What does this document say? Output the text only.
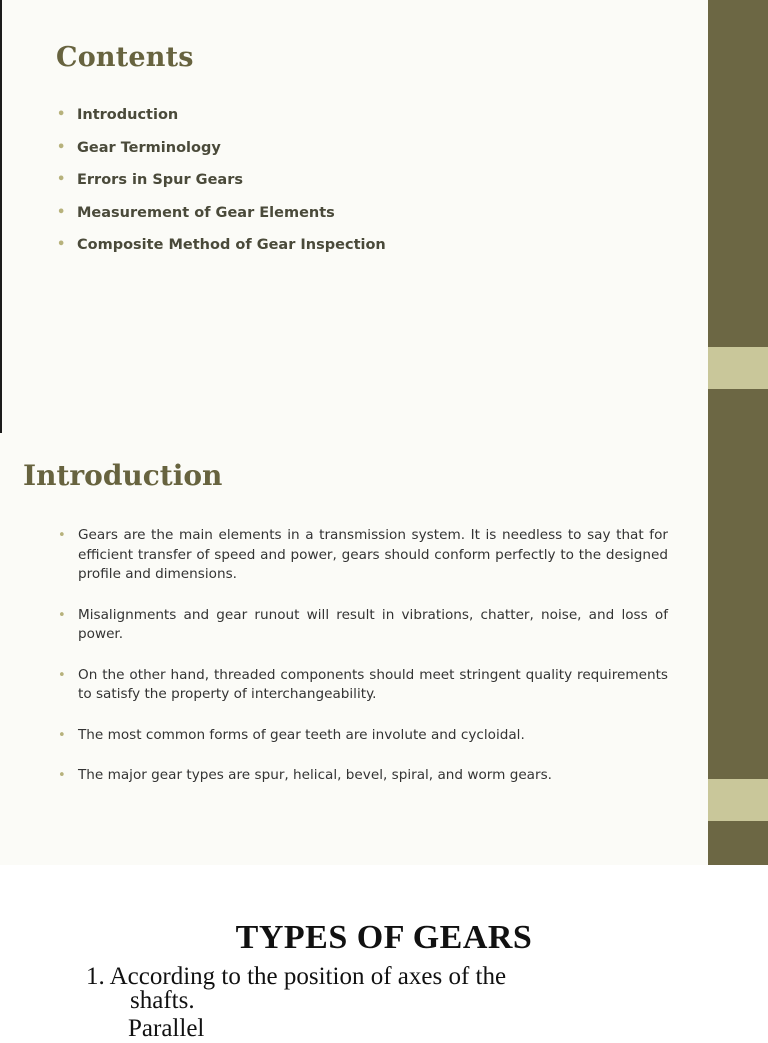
Contents
• Introduction
• Gear Terminology
• Errors in Spur Gears
• Measurement of Gear Elements
• Composite Method of Gear Inspection
Introduction
• Gears are the main elements in a transmission system. It is needless to say that for efficient transfer of speed and power, gears should conform perfectly to the designed profile and dimensions.
• Misalignments and gear runout will result in vibrations, chatter, noise, and loss of power.
• On the other hand, threaded components should meet stringent quality requirements to satisfy the property of interchangeability.
• The most common forms of gear teeth are involute and cycloidal.
• The major gear types are spur, helical, bevel, spiral, and worm gears.
TYPES OF GEARS
1. According to the position of axes of the
shafts.
Parallel
